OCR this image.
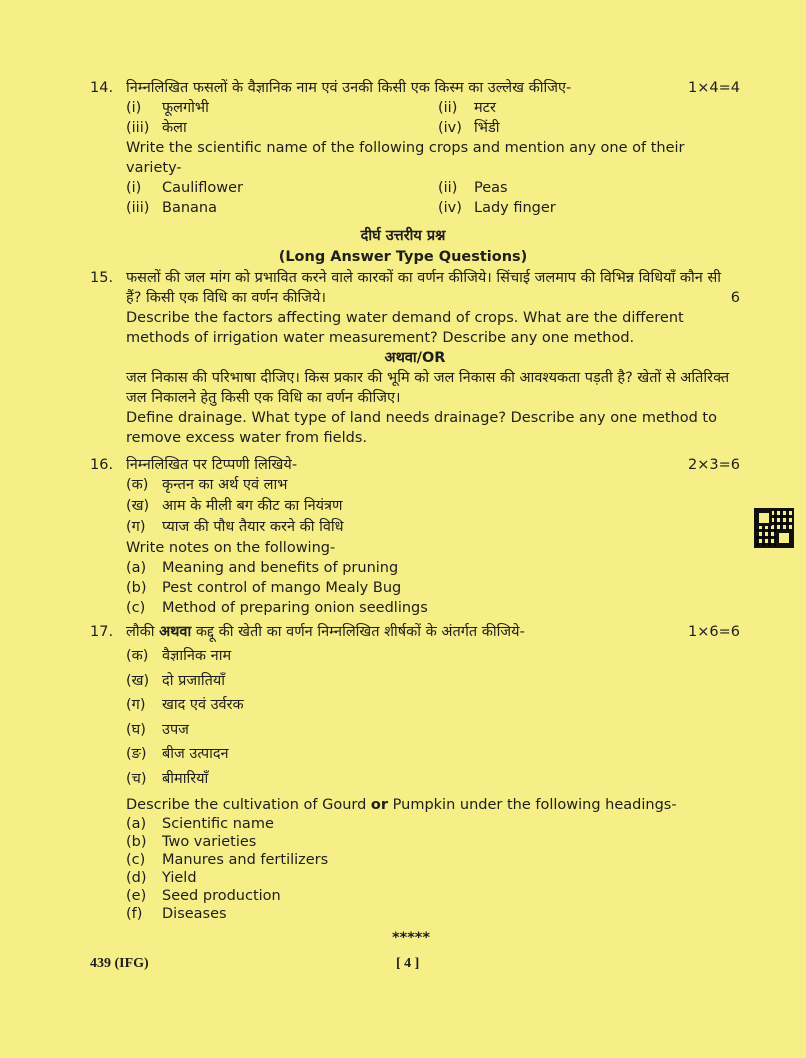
14.	1×4=4
निम्नलिखित फसलों के वैज्ञानिक नाम एवं उनकी किसी एक किस्म का उल्लेख कीजिए-
(i)	फूलगोभी	(ii)	मटर
(iii) केला	(iv) भिंडी
Write the scientific name of the following crops and mention any one of their variety-
(i)	Cauliflower	(ii)	Peas
(iii) Banana	(iv) Lady finger
दीर्घ उत्तरीय प्रश्न
(Long Answer Type Questions)
15. फसलों की जल मांग को प्रभावित करने वाले कारकों का वर्णन कीजिये। सिंचाई जलमाप की विभिन्न विधियाँ कौन सी हैं? किसी एक विधि का वर्णन कीजिये।	6
Describe the factors affecting water demand of crops. What are the different methods of irrigation water measurement? Describe any one method.
अथवा/OR
जल निकास की परिभाषा दीजिए। किस प्रकार की भूमि को जल निकास की आवश्यकता पड़ती है? खेतों से अतिरिक्त जल निकालने हेतु किसी एक विधि का वर्णन कीजिए।
Define drainage. What type of land needs drainage? Describe any one method to remove excess water from fields.
16.	2×3=6
निम्नलिखित पर टिप्पणी लिखिये-
(क) कृन्तन का अर्थ एवं लाभ
(ख) आम के मीली बग कीट का नियंत्रण
(ग)	प्याज की पौध तैयार करने की विधि
Write notes on the following-
(a)	Meaning and benefits of pruning
(b)	Pest control of mango Mealy Bug
(c)	Method of preparing onion seedlings
17.	1×6=6
लौकी अथवा कद्दू की खेती का वर्णन निम्नलिखित शीर्षकों के अंतर्गत कीजिये-
(क) वैज्ञानिक नाम
(ख) दो प्रजातियाँ
(ग)	खाद एवं उर्वरक
(घ)	उपज
(ङ)	बीज उत्पादन
(च)	बीमारियाँ
Describe the cultivation of Gourd or Pumpkin under the following headings-
(a)	Scientific name
(b)	Two varieties
(c)	Manures and fertilizers
(d)	Yield
(e)	Seed production
(f)	Diseases
*****
439 (IFG)	[ 4 ]
